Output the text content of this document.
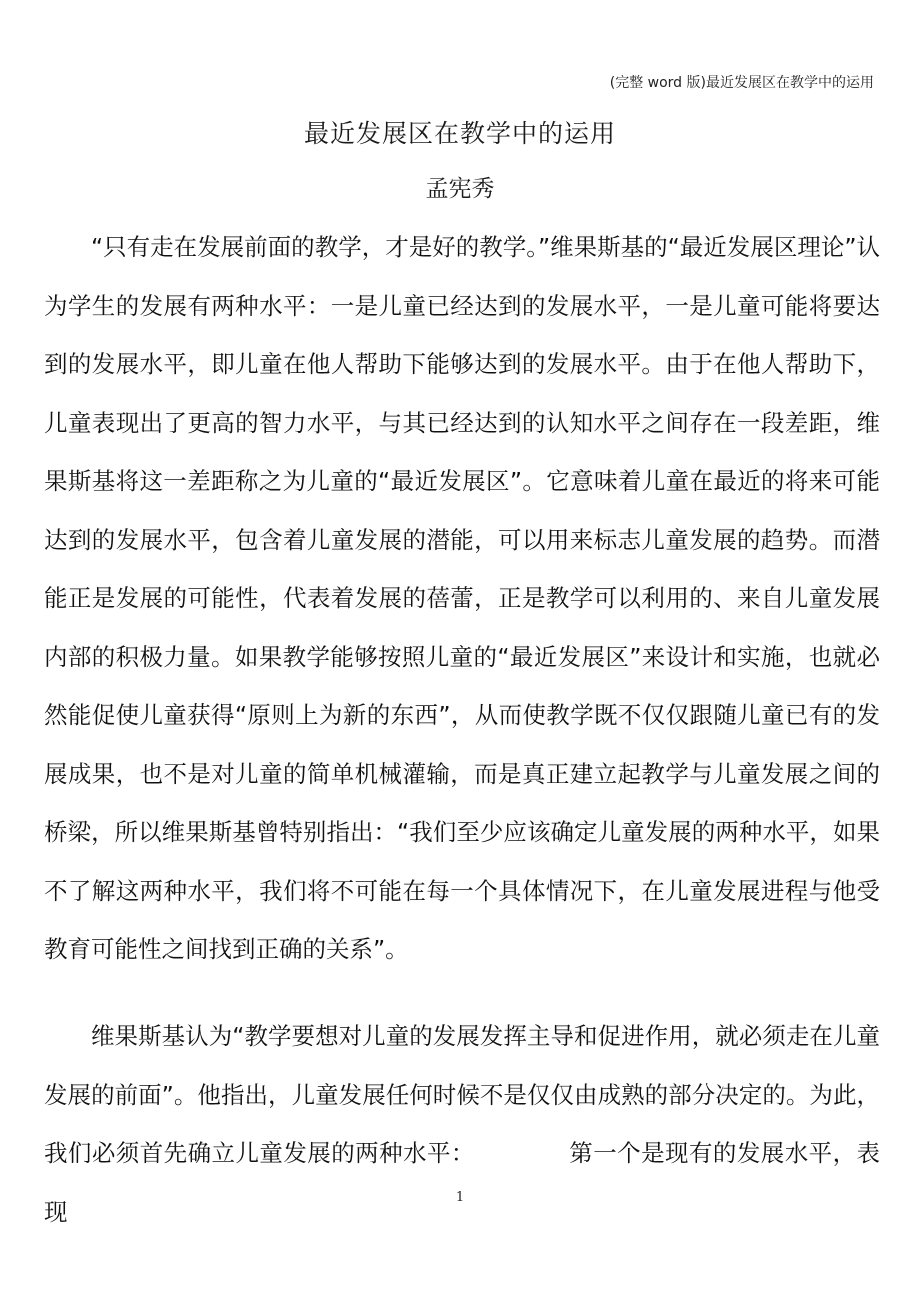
(完整 word 版)最近发展区在教学中的运用
最近发展区在教学中的运用
孟宪秀

“只有走在发展前面的教学，才是好的教学。”维果斯基的“最近发展区理论”认为学生的发展有两种水平：一是儿童已经达到的发展水平，一是儿童可能将要达到的发展水平，即儿童在他人帮助下能够达到的发展水平。由于在他人帮助下，儿童表现出了更高的智力水平，与其已经达到的认知水平之间存在一段差距，维果斯基将这一差距称之为儿童的“最近发展区”。它意味着儿童在最近的将来可能达到的发展水平，包含着儿童发展的潜能，可以用来标志儿童发展的趋势。而潜能正是发展的可能性，代表着发展的蓓蕾，正是教学可以利用的、来自儿童发展内部的积极力量。如果教学能够按照儿童的“最近发展区”来设计和实施，也就必然能促使儿童获得“原则上为新的东西”，从而使教学既不仅仅跟随儿童已有的发展成果，也不是对儿童的简单机械灌输，而是真正建立起教学与儿童发展之间的桥梁，所以维果斯基曾特别指出：“我们至少应该确定儿童发展的两种水平，如果不了解这两种水平，我们将不可能在每一个具体情况下，在儿童发展进程与他受教育可能性之间找到正确的关系”。

维果斯基认为“教学要想对儿童的发展发挥主导和促进作用，就必须走在儿童发展的前面”。他指出，儿童发展任何时候不是仅仅由成熟的部分决定的。为此，我们必须首先确立儿童发展的两种水平：	第一个是现有的发展水平，表现	1
